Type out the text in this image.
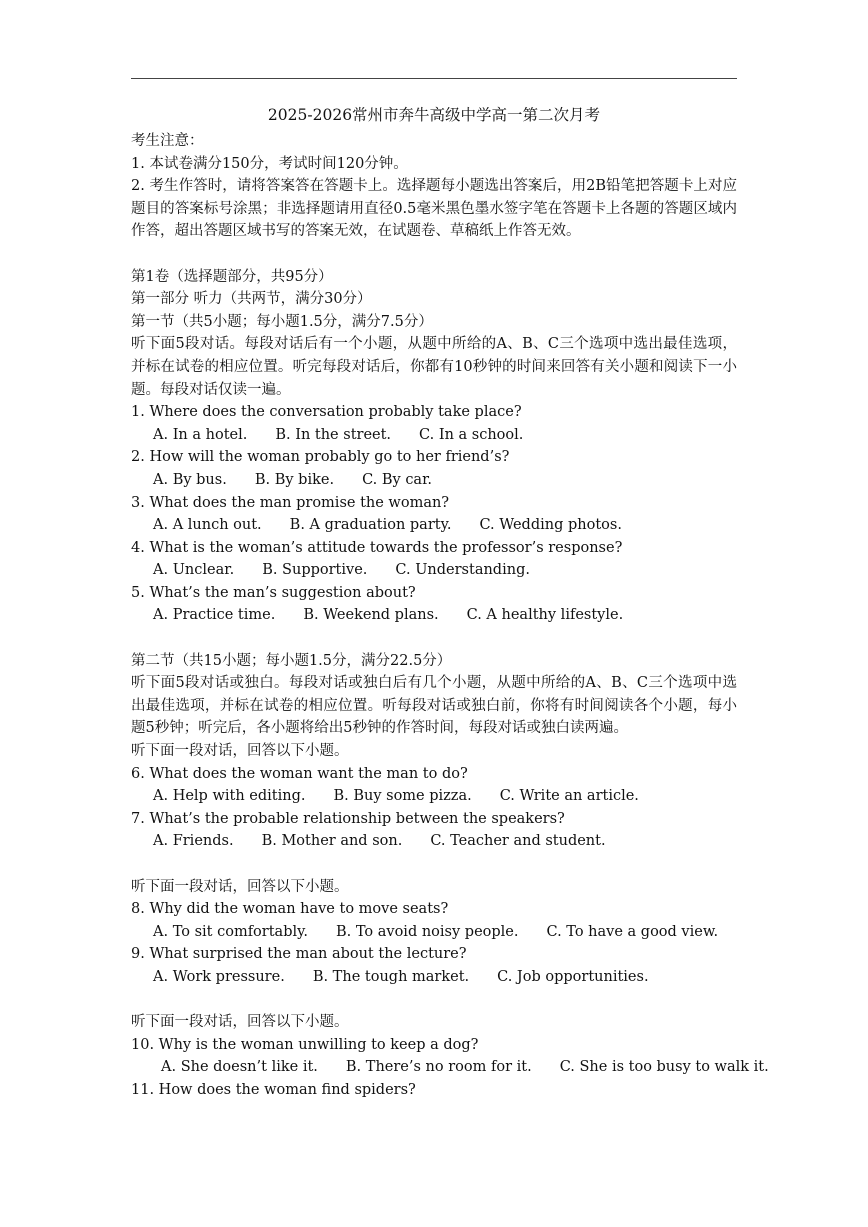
2025-2026常州市奔牛高级中学高一第二次月考
考生注意：
1. 本试卷满分150分，考试时间120分钟。
2. 考生作答时，请将答案答在答题卡上。选择题每小题选出答案后，用2B铅笔把答题卡上对应题目的答案标号涂黑；非选择题请用直径0.5毫米黑色墨水签字笔在答题卡上各题的答题区域内作答，超出答题区域书写的答案无效，在试题卷、草稿纸上作答无效。
第1卷（选择题部分，共95分）
第一部分 听力（共两节，满分30分）
第一节（共5小题；每小题1.5分，满分7.5分）
听下面5段对话。每段对话后有一个小题，从题中所给的A、B、C三个选项中选出最佳选项，并标在试卷的相应位置。听完每段对话后，你都有10秒钟的时间来回答有关小题和阅读下一小题。每段对话仅读一遍。
1. Where does the conversation probably take place?
A. In a hotel. B. In the street. C. In a school.
2. How will the woman probably go to her friend’s?
A. By bus. B. By bike. C. By car.
3. What does the man promise the woman?
A. A lunch out. B. A graduation party. C. Wedding photos.
4. What is the woman’s attitude towards the professor’s response?
A. Unclear. B. Supportive. C. Understanding.
5. What’s the man’s suggestion about?
A. Practice time. B. Weekend plans. C. A healthy lifestyle.
第二节（共15小题；每小题1.5分，满分22.5分）
听下面5段对话或独白。每段对话或独白后有几个小题，从题中所给的A、B、C三个选项中选出最佳选项，并标在试卷的相应位置。听每段对话或独白前，你将有时间阅读各个小题，每小题5秒钟；听完后，各小题将给出5秒钟的作答时间，每段对话或独白读两遍。
听下面一段对话，回答以下小题。
6. What does the woman want the man to do?
A. Help with editing. B. Buy some pizza. C. Write an article.
7. What’s the probable relationship between the speakers?
A. Friends. B. Mother and son. C. Teacher and student.
听下面一段对话，回答以下小题。
8. Why did the woman have to move seats?
A. To sit comfortably. B. To avoid noisy people. C. To have a good view.
9. What surprised the man about the lecture?
A. Work pressure. B. The tough market. C. Job opportunities.
听下面一段对话，回答以下小题。
10. Why is the woman unwilling to keep a dog?
A. She doesn’t like it. B. There’s no room for it. C. She is too busy to walk it.
11. How does the woman find spiders?
